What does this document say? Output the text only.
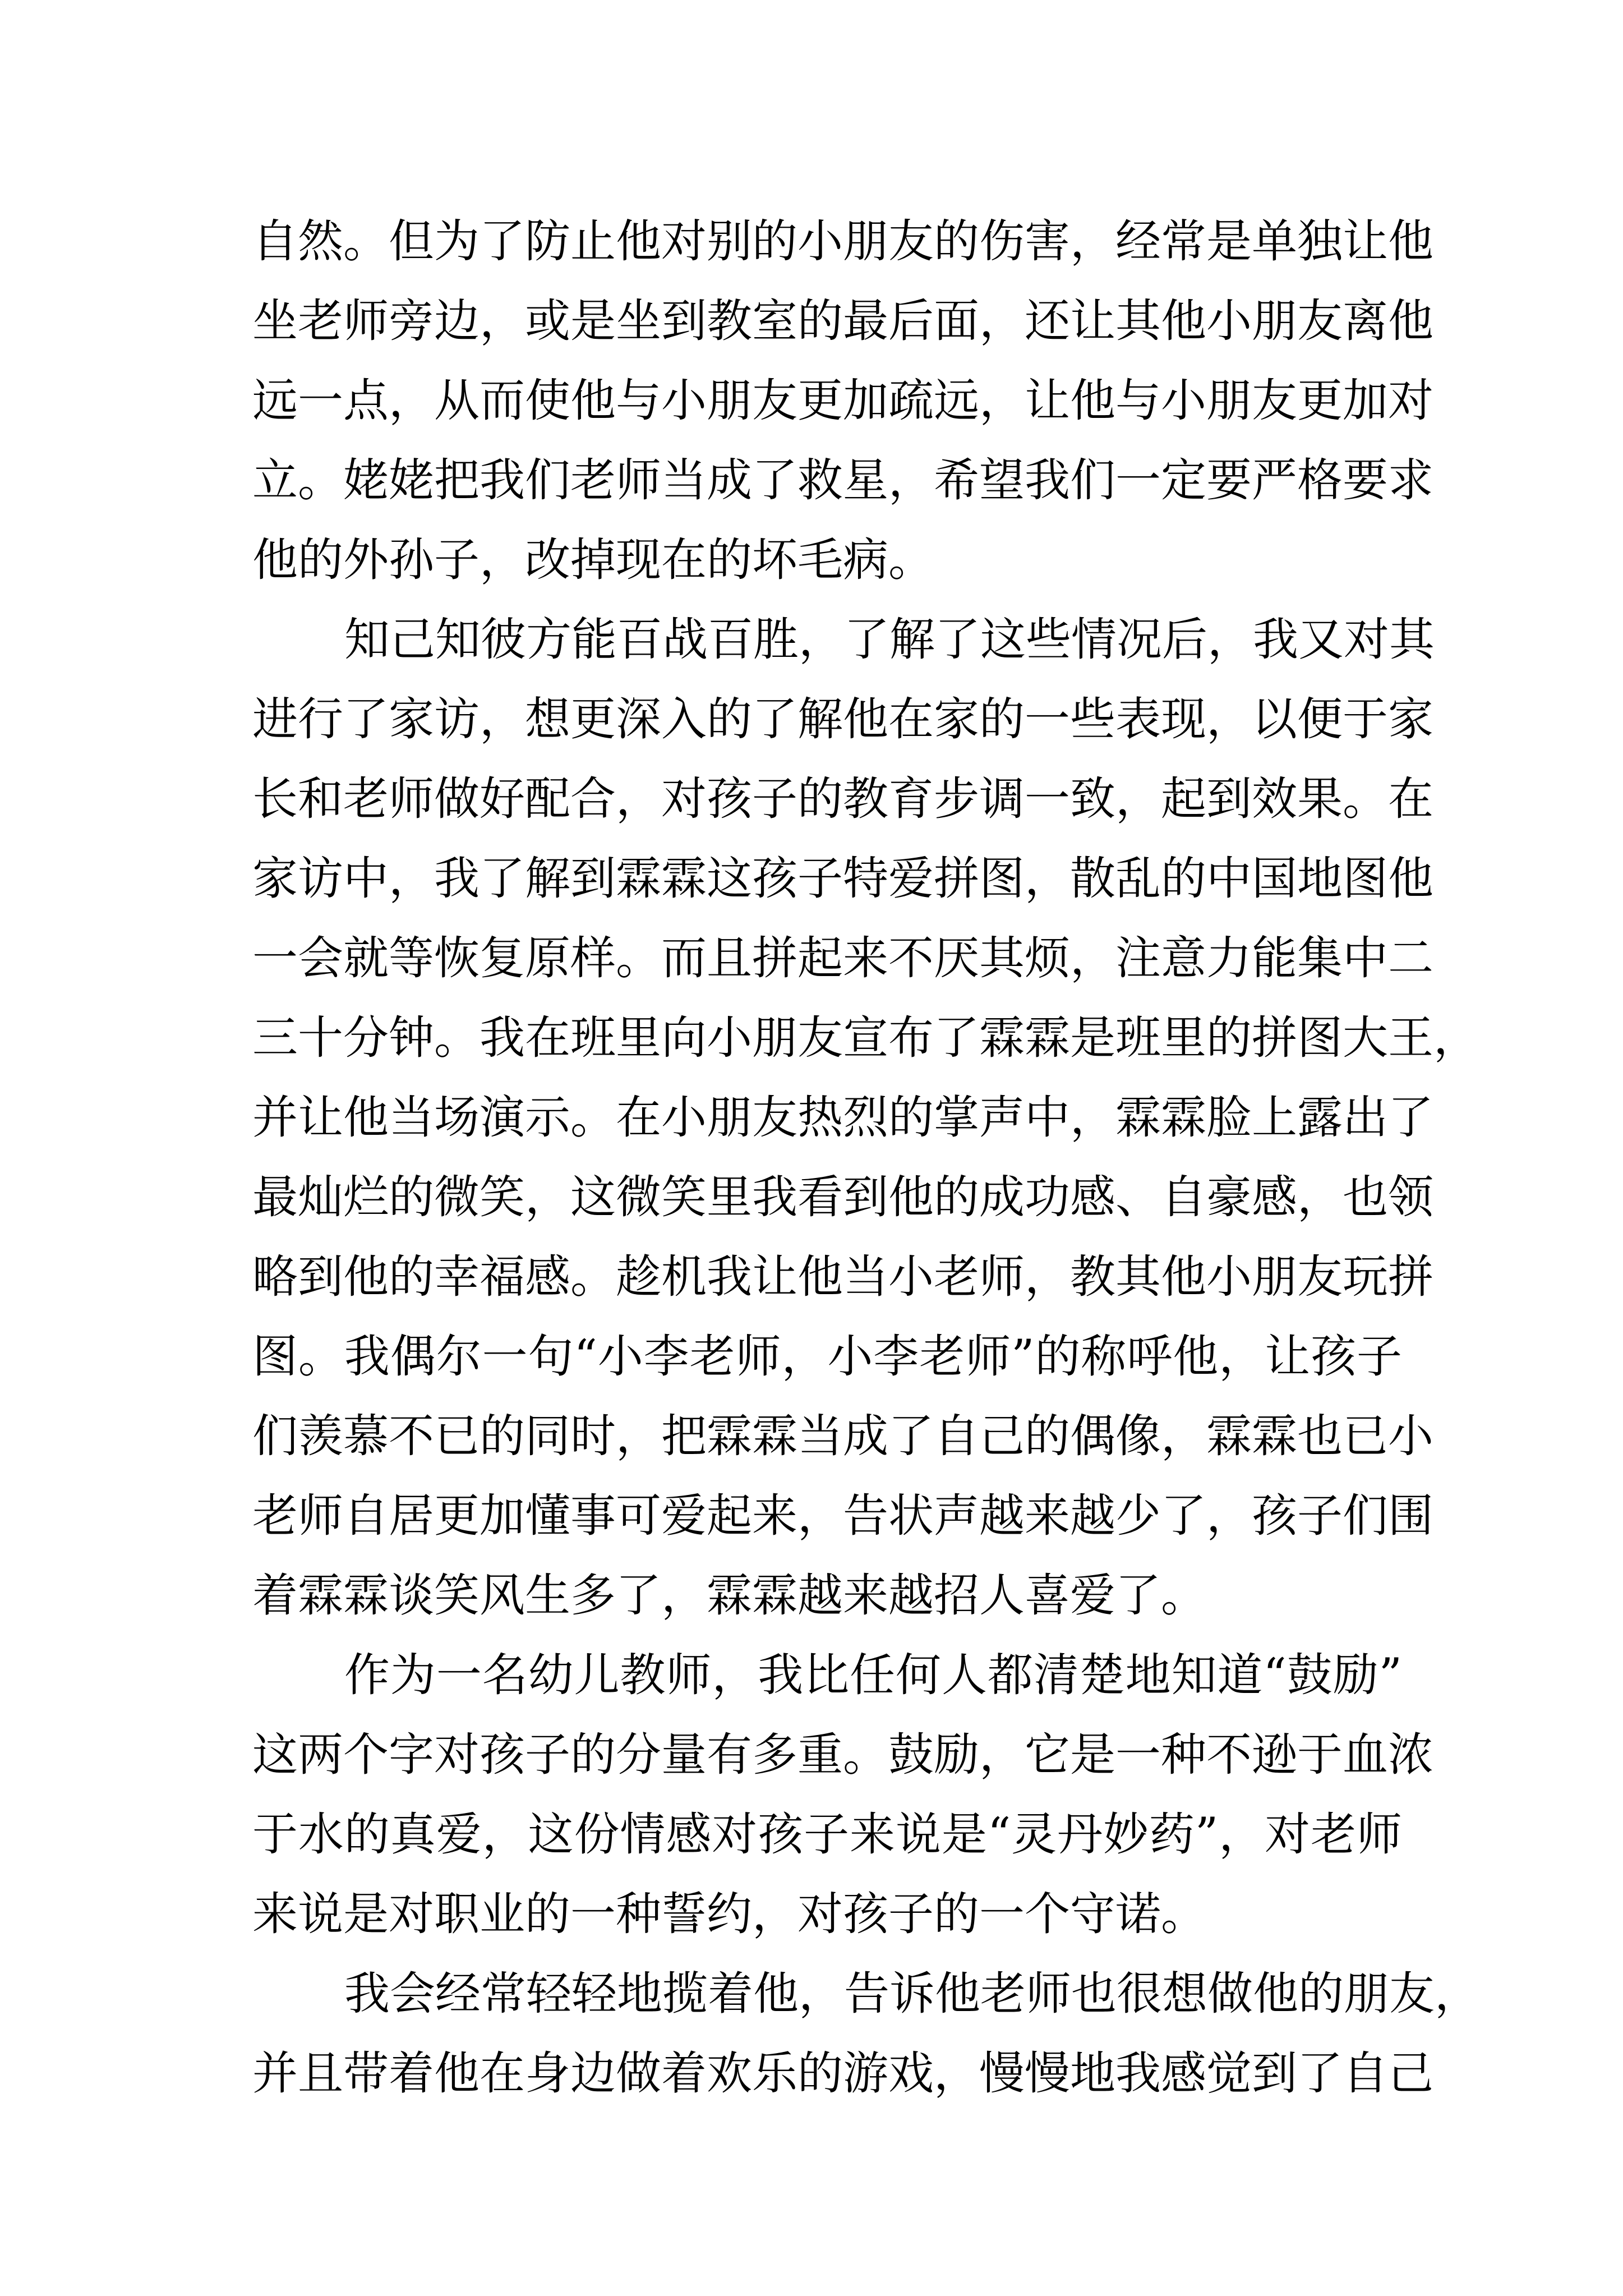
自然。但为了防止他对别的小朋友的伤害，经常是单独让他
坐老师旁边，或是坐到教室的最后面，还让其他小朋友离他
远一点，从而使他与小朋友更加疏远，让他与小朋友更加对
立。姥姥把我们老师当成了救星，希望我们一定要严格要求
他的外孙子，改掉现在的坏毛病。
知己知彼方能百战百胜，了解了这些情况后，我又对其
进行了家访，想更深入的了解他在家的一些表现，以便于家
长和老师做好配合，对孩子的教育步调一致，起到效果。在
家访中，我了解到霖霖这孩子特爱拼图，散乱的中国地图他
一会就等恢复原样。而且拼起来不厌其烦，注意力能集中二
三十分钟。我在班里向小朋友宣布了霖霖是班里的拼图大王，
并让他当场演示。在小朋友热烈的掌声中，霖霖脸上露出了
最灿烂的微笑，这微笑里我看到他的成功感、自豪感，也领
略到他的幸福感。趁机我让他当小老师，教其他小朋友玩拼
图。我偶尔一句“小李老师，小李老师”的称呼他，让孩子
们羡慕不已的同时，把霖霖当成了自己的偶像，霖霖也已小
老师自居更加懂事可爱起来，告状声越来越少了，孩子们围
着霖霖谈笑风生多了，霖霖越来越招人喜爱了。
作为一名幼儿教师，我比任何人都清楚地知道“鼓励”
这两个字对孩子的分量有多重。鼓励，它是一种不逊于血浓
于水的真爱，这份情感对孩子来说是“灵丹妙药”，对老师
来说是对职业的一种誓约，对孩子的一个守诺。
我会经常轻轻地揽着他，告诉他老师也很想做他的朋友，
并且带着他在身边做着欢乐的游戏，慢慢地我感觉到了自己
